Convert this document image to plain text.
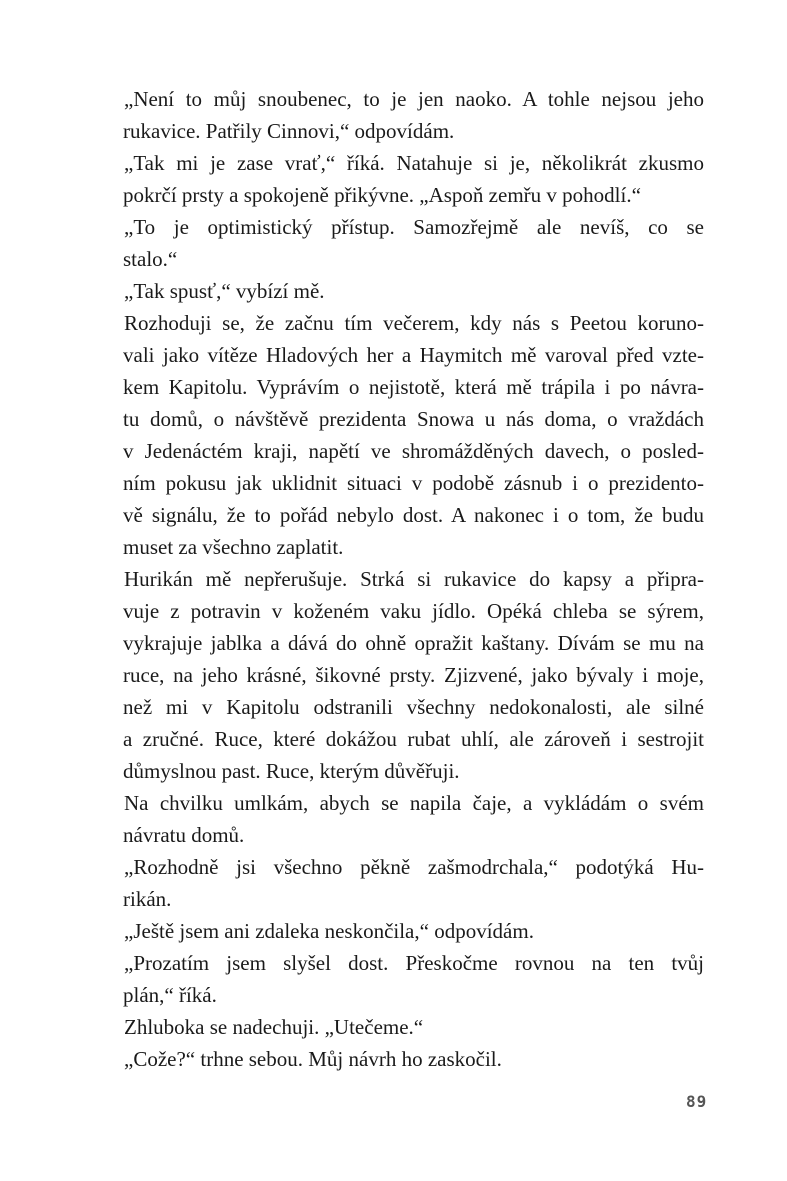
„Není to můj snoubenec, to je jen naoko. A tohle nejsou jeho
rukavice. Patřily Cinnovi,“ odpovídám.

„Tak mi je zase vrať,“ říká. Natahuje si je, několikrát zkusmo
pokrčí prsty a spokojeně přikývne. „Aspoň zemřu v pohodlí.“

„To je optimistický přístup. Samozřejmě ale nevíš, co se
stalo.“

„Tak spusť,“ vybízí mě.

Rozhoduji se, že začnu tím večerem, kdy nás s Peetou koruno-
vali jako vítěze Hladových her a Haymitch mě varoval před vzte-
kem Kapitolu. Vyprávím o nejistotě, která mě trápila i po návra-
tu domů, o návštěvě prezidenta Snowa u nás doma, o vraždách
v Jedenáctém kraji, napětí ve shromážděných davech, o posled-
ním pokusu jak uklidnit situaci v podobě zásnub i o prezidento-
vě signálu, že to pořád nebylo dost. A nakonec i o tom, že budu
muset za všechno zaplatit.

Hurikán mě nepřerušuje. Strká si rukavice do kapsy a připra-
vuje z potravin v koženém vaku jídlo. Opéká chleba se sýrem,
vykrajuje jablka a dává do ohně opražit kaštany. Dívám se mu na
ruce, na jeho krásné, šikovné prsty. Zjizvené, jako bývaly i moje,
než mi v Kapitolu odstranili všechny nedokonalosti, ale silné
a zručné. Ruce, které dokážou rubat uhlí, ale zároveň i sestrojit
důmyslnou past. Ruce, kterým důvěřuji.

Na chvilku umlkám, abych se napila čaje, a vykládám o svém
návratu domů.

„Rozhodně jsi všechno pěkně zašmodrchala,“ podotýká Hu-
rikán.

„Ještě jsem ani zdaleka neskončila,“ odpovídám.

„Prozatím jsem slyšel dost. Přeskočme rovnou na ten tvůj
plán,“ říká.

Zhluboka se nadechuji. „Utečeme.“

„Cože?“ trhne sebou. Můj návrh ho zaskočil.

89
